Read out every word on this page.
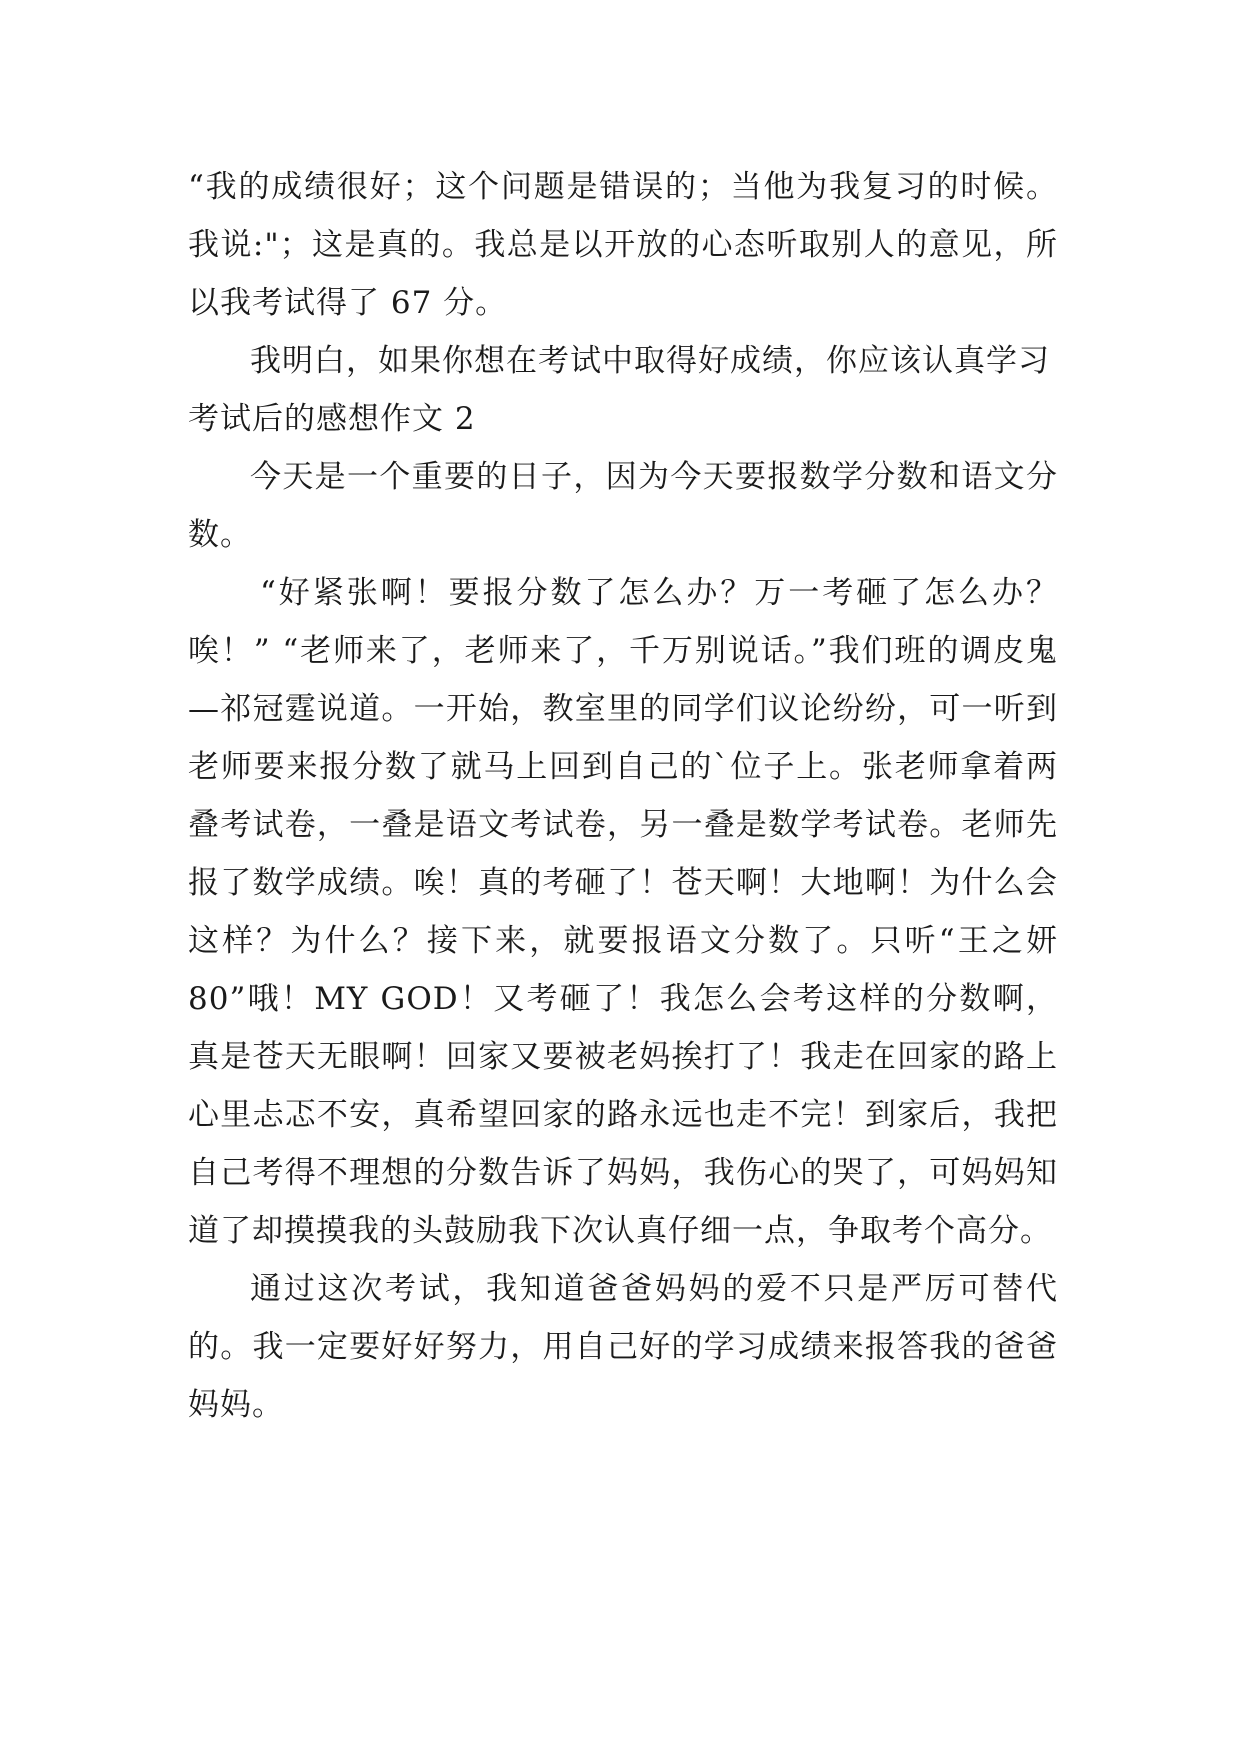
“我的成绩很好；这个问题是错误的；当他为我复习的时候。我说:"；这是真的。我总是以开放的心态听取别人的意见，所以我考试得了 67 分。

我明白，如果你想在考试中取得好成绩，你应该认真学习

考试后的感想作文 2

今天是一个重要的日子，因为今天要报数学分数和语文分数。

“好紧张啊！要报分数了怎么办？万一考砸了怎么办？唉！” “老师来了，老师来了，千万别说话。”我们班的调皮鬼—祁冠霆说道。一开始，教室里的同学们议论纷纷，可一听到老师要来报分数了就马上回到自己的`位子上。张老师拿着两叠考试卷，一叠是语文考试卷，另一叠是数学考试卷。老师先报了数学成绩。唉！真的考砸了！苍天啊！大地啊！为什么会这样？为什么？接下来，就要报语文分数了。只听“王之妍 80”哦！MY GOD！又考砸了！我怎么会考这样的分数啊，真是苍天无眼啊！回家又要被老妈挨打了！我走在回家的路上心里忐忑不安，真希望回家的路永远也走不完！到家后，我把自己考得不理想的分数告诉了妈妈，我伤心的哭了，可妈妈知道了却摸摸我的头鼓励我下次认真仔细一点，争取考个高分。

通过这次考试，我知道爸爸妈妈的爱不只是严厉可替代的。我一定要好好努力，用自己好的学习成绩来报答我的爸爸妈妈。
